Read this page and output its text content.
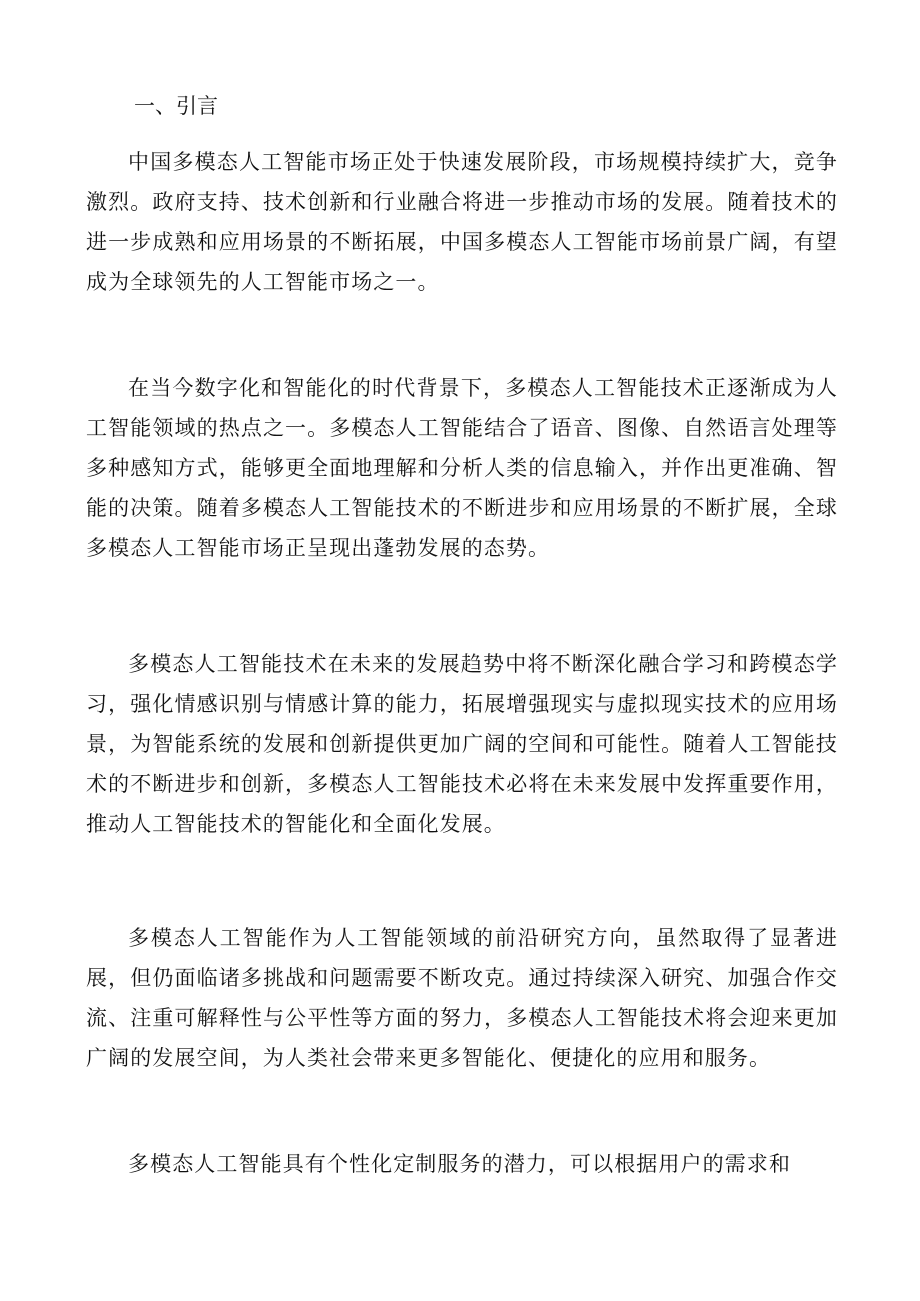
一、引言

中国多模态人工智能市场正处于快速发展阶段，市场规模持续扩大，竞争激烈。政府支持、技术创新和行业融合将进一步推动市场的发展。随着技术的进一步成熟和应用场景的不断拓展，中国多模态人工智能市场前景广阔，有望成为全球领先的人工智能市场之一。

在当今数字化和智能化的时代背景下，多模态人工智能技术正逐渐成为人工智能领域的热点之一。多模态人工智能结合了语音、图像、自然语言处理等多种感知方式，能够更全面地理解和分析人类的信息输入，并作出更准确、智能的决策。随着多模态人工智能技术的不断进步和应用场景的不断扩展，全球多模态人工智能市场正呈现出蓬勃发展的态势。

多模态人工智能技术在未来的发展趋势中将不断深化融合学习和跨模态学习，强化情感识别与情感计算的能力，拓展增强现实与虚拟现实技术的应用场景，为智能系统的发展和创新提供更加广阔的空间和可能性。随着人工智能技术的不断进步和创新，多模态人工智能技术必将在未来发展中发挥重要作用，推动人工智能技术的智能化和全面化发展。

多模态人工智能作为人工智能领域的前沿研究方向，虽然取得了显著进展，但仍面临诸多挑战和问题需要不断攻克。通过持续深入研究、加强合作交流、注重可解释性与公平性等方面的努力，多模态人工智能技术将会迎来更加广阔的发展空间，为人类社会带来更多智能化、便捷化的应用和服务。

多模态人工智能具有个性化定制服务的潜力，可以根据用户的需求和
